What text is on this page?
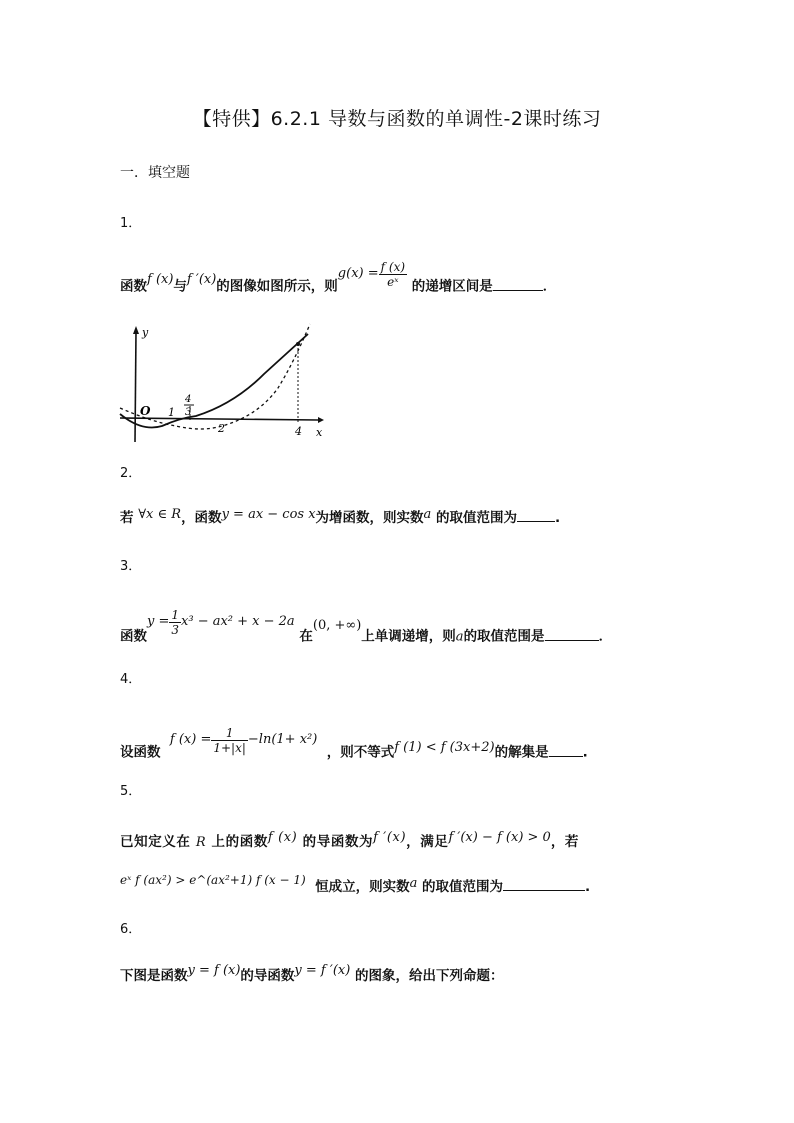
【特供】6.2.1 导数与函数的单调性-2课时练习
一．填空题
1．
函数f (x)与f ′(x)的图像如图所示，则$g(x) = \frac{f (x)}{\text{eˣ}}$ 的递增区间是	．
y
x
O 1
4
3
2	4
2．
若 ∀x ∈ R，函数y = ax − cos x为增函数，则实数a 的取值范围为	.
3．
函数$y = \frac{1}{3} x^3 - ax^2 + x - 2a$ 在(0, +∞)上单调递增，则a的取值范围是	．
4．
设函数  f $(x) = \frac{1}{1+|x|} -\ln(1+ x^2)$  ，则不等式f (1) < f (3x+2)的解集是	.
5．
已知定义在 R 上的函数f (x) 的导函数为f ′(x)，满足f ′(x) − f (x) > 0，若
eˣ f (ax²) > e^(ax²+1) f (x − 1) 恒成立，则实数a 的取值范围为	.
6．
下图是函数y = f (x)的导函数y = f ′(x) 的图象，给出下列命题：
